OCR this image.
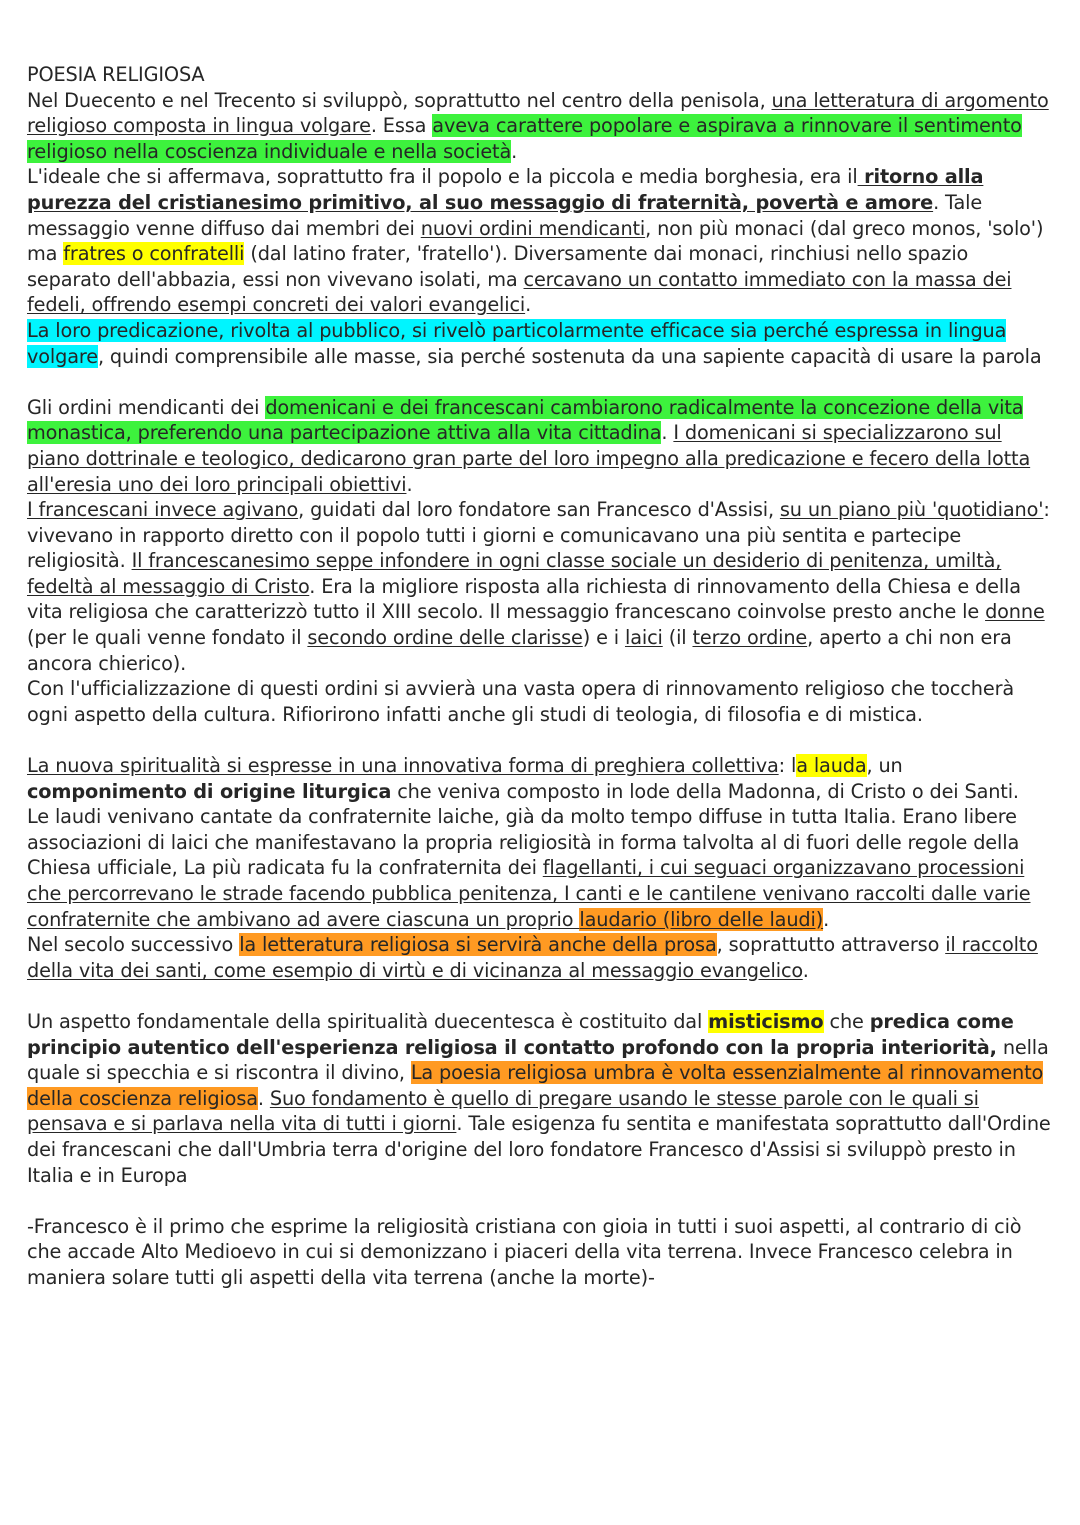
POESIA RELIGIOSA

Nel Duecento e nel Trecento si sviluppò, soprattutto nel centro della penisola, una letteratura di argomento religioso composta in lingua volgare. Essa aveva carattere popolare e aspirava a rinnovare il sentimento religioso nella coscienza individuale e nella società.

L'ideale che si affermava, soprattutto fra il popolo e la piccola e media borghesia, era il ritorno alla purezza del cristianesimo primitivo, al suo messaggio di fraternità, povertà e amore. Tale messaggio venne diffuso dai membri dei nuovi ordini mendicanti, non più monaci (dal greco monos, 'solo') ma fratres o confratelli (dal latino frater, 'fratello'). Diversamente dai monaci, rinchiusi nello spazio separato dell'abbazia, essi non vivevano isolati, ma cercavano un contatto immediato con la massa dei fedeli, offrendo esempi concreti dei valori evangelici.

La loro predicazione, rivolta al pubblico, si rivelò particolarmente efficace sia perché espressa in lingua volgare, quindi comprensibile alle masse, sia perché sostenuta da una sapiente capacità di usare la parola

Gli ordini mendicanti dei domenicani e dei francescani cambiarono radicalmente la concezione della vita monastica, preferendo una partecipazione attiva alla vita cittadina. I domenicani si specializzarono sul piano dottrinale e teologico, dedicarono gran parte del loro impegno alla predicazione e fecero della lotta all'eresia uno dei loro principali obiettivi.

I francescani invece agivano, guidati dal loro fondatore san Francesco d'Assisi, su un piano più 'quotidiano': vivevano in rapporto diretto con il popolo tutti i giorni e comunicavano una più sentita e partecipe religiosità. Il francescanesimo seppe infondere in ogni classe sociale un desiderio di penitenza, umiltà, fedeltà al messaggio di Cristo. Era la migliore risposta alla richiesta di rinnovamento della Chiesa e della vita religiosa che caratterizzò tutto il XIII secolo. Il messaggio francescano coinvolse presto anche le donne (per le quali venne fondato il secondo ordine delle clarisse) e i laici (il terzo ordine, aperto a chi non era ancora chierico).

Con l'ufficializzazione di questi ordini si avvierà una vasta opera di rinnovamento religioso che toccherà ogni aspetto della cultura. Rifiorirono infatti anche gli studi di teologia, di filosofia e di mistica.

La nuova spiritualità si espresse in una innovativa forma di preghiera collettiva: la lauda, un componimento di origine liturgica che veniva composto in lode della Madonna, di Cristo o dei Santi.

Le laudi venivano cantate da confraternite laiche, già da molto tempo diffuse in tutta Italia. Erano libere associazioni di laici che manifestavano la propria religiosità in forma talvolta al di fuori delle regole della Chiesa ufficiale, La più radicata fu la confraternita dei flagellanti, i cui seguaci organizzavano processioni che percorrevano le strade facendo pubblica penitenza, I canti e le cantilene venivano raccolti dalle varie confraternite che ambivano ad avere ciascuna un proprio laudario (libro delle laudi).

Nel secolo successivo la letteratura religiosa si servirà anche della prosa, soprattutto attraverso il raccolto della vita dei santi, come esempio di virtù e di vicinanza al messaggio evangelico.

Un aspetto fondamentale della spiritualità duecentesca è costituito dal misticismo che predica come principio autentico dell'esperienza religiosa il contatto profondo con la propria interiorità, nella quale si specchia e si riscontra il divino, La poesia religiosa umbra è volta essenzialmente al rinnovamento della coscienza religiosa. Suo fondamento è quello di pregare usando le stesse parole con le quali si pensava e si parlava nella vita di tutti i giorni. Tale esigenza fu sentita e manifestata soprattutto dall'Ordine dei francescani che dall'Umbria terra d'origine del loro fondatore Francesco d'Assisi si sviluppò presto in Italia e in Europa

-Francesco è il primo che esprime la religiosità cristiana con gioia in tutti i suoi aspetti, al contrario di ciò che accade Alto Medioevo in cui si demonizzano i piaceri della vita terrena. Invece Francesco celebra in maniera solare tutti gli aspetti della vita terrena (anche la morte)-
